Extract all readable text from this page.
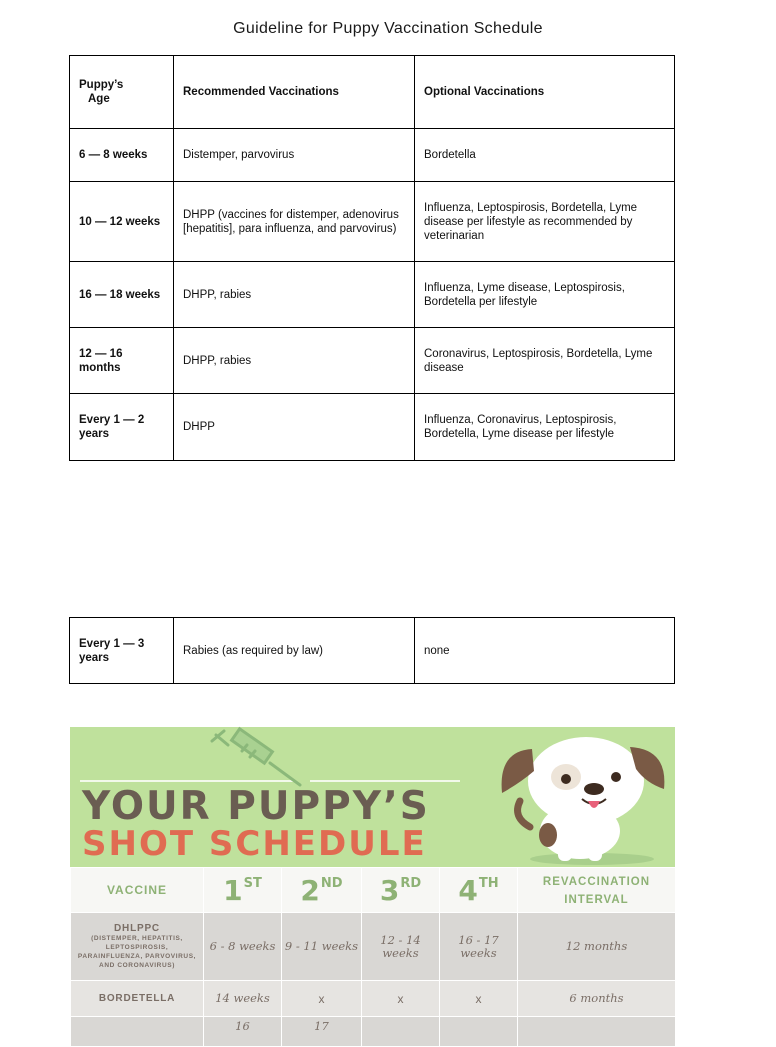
Guideline for Puppy Vaccination Schedule
Puppy’s
Age	Recommended Vaccinations	Optional Vaccinations
6 — 8 weeks	Distemper, parvovirus	Bordetella
10 — 12 weeks	DHPP (vaccines for distemper, adenovirus [hepatitis], para influenza, and parvovirus)	Influenza, Leptospirosis, Bordetella, Lyme disease per lifestyle as recommended by veterinarian
16 — 18 weeks	DHPP, rabies	Influenza, Lyme disease, Leptospirosis, Bordetella per lifestyle
12 — 16 months	DHPP, rabies	Coronavirus, Leptospirosis, Bordetella, Lyme disease
Every 1 — 2 years	DHPP	Influenza, Coronavirus, Leptospirosis, Bordetella, Lyme disease per lifestyle
Every 1 — 3 years	Rabies (as required by law)	none
YOUR PUPPY’S
SHOT SCHEDULE
VACCINE	1ST	2ND	3RD	4TH	REVACCINATION INTERVAL

DHLPPC
(DISTEMPER, HEPATITIS, LEPTOSPIROSIS, PARAINFLUENZA, PARVOVIRUS, AND CORONAVIRUS)	6 - 8 weeks	9 - 11 weeks	12 - 14 weeks	16 - 17 weeks	12 months

BORDETELLA	14 weeks	x	x	x	6 months
	16	17			
